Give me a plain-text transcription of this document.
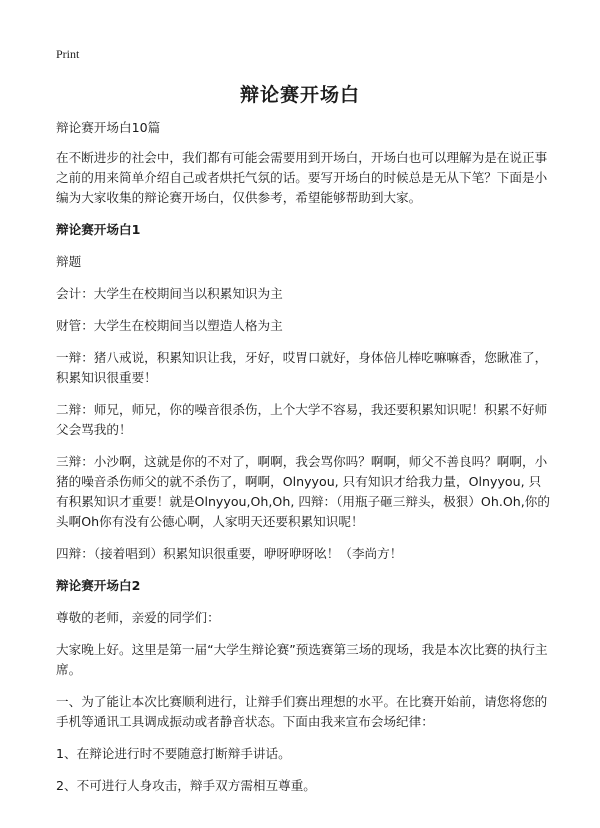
Print
辩论赛开场白

辩论赛开场白10篇

在不断进步的社会中，我们都有可能会需要用到开场白，开场白也可以理解为是在说正事之前的用来简单介绍自己或者烘托气氛的话。要写开场白的时候总是无从下笔？下面是小编为大家收集的辩论赛开场白，仅供参考，希望能够帮助到大家。

辩论赛开场白1

辩题

会计：大学生在校期间当以积累知识为主

财管：大学生在校期间当以塑造人格为主

一辩：猪八戒说，积累知识让我，牙好，哎胃口就好，身体倍儿棒吃嘛嘛香，您瞅准了，积累知识很重要！

二辩：师兄，师兄，你的噪音很杀伤，上个大学不容易，我还要积累知识呢！积累不好师父会骂我的！

三辩：小沙啊，这就是你的不对了，啊啊，我会骂你吗？啊啊，师父不善良吗？啊啊，小猪的噪音杀伤师父的就不杀伤了，啊啊，Olnyyou, 只有知识才给我力量，Olnyyou, 只有积累知识才重要！就是Olnyyou,Oh,Oh, 四辩：（用瓶子砸三辩头，极狠）Oh.Oh,你的头啊Oh你有没有公德心啊，人家明天还要积累知识呢！

四辩：（接着唱到）积累知识很重要，咿呀咿呀吆！（李尚方！

辩论赛开场白2

尊敬的老师，亲爱的同学们：

大家晚上好。这里是第一届“大学生辩论赛”预选赛第三场的现场，我是本次比赛的执行主席。

一、为了能让本次比赛顺利进行，让辩手们赛出理想的水平。在比赛开始前，请您将您的手机等通讯工具调成振动或者静音状态。下面由我来宣布会场纪律：

1、在辩论进行时不要随意打断辩手讲话。

2、不可进行人身攻击，辩手双方需相互尊重。
